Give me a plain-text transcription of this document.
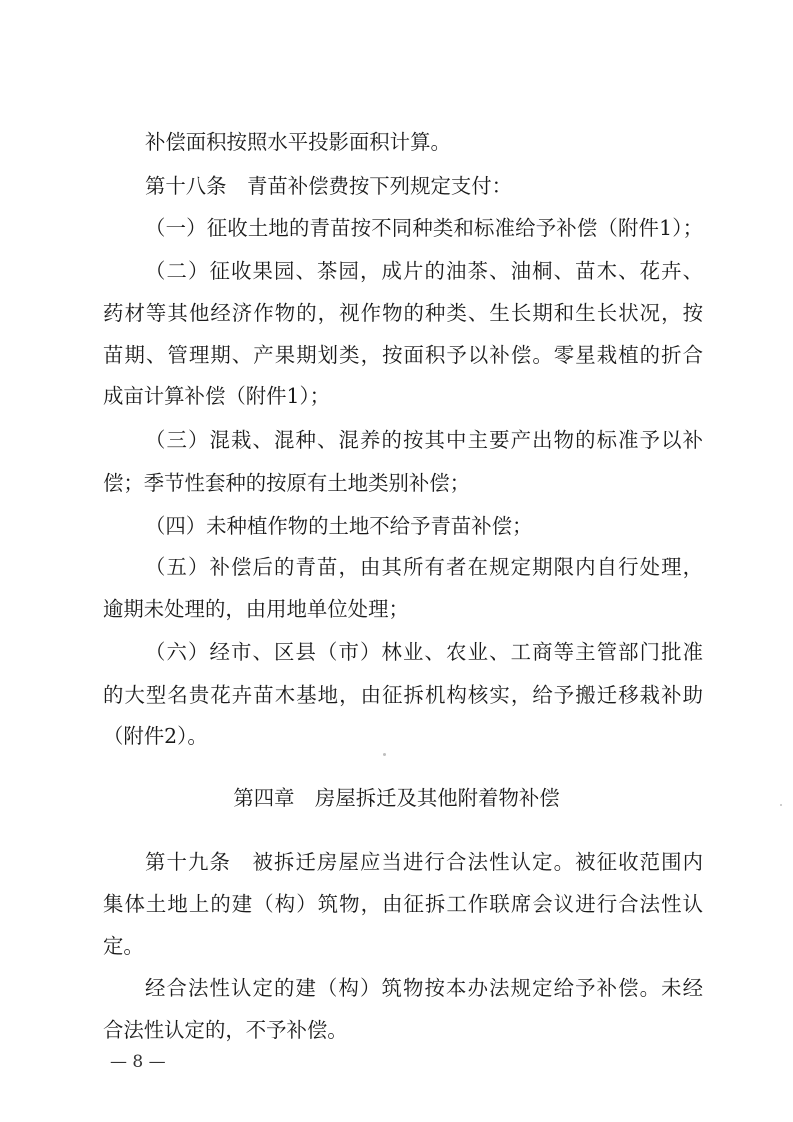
补偿面积按照水平投影面积计算。
第十八条　青苗补偿费按下列规定支付：
（一）征收土地的青苗按不同种类和标准给予补偿（附件1）；
（二）征收果园、茶园，成片的油茶、油桐、苗木、花卉、
药材等其他经济作物的，视作物的种类、生长期和生长状况，按
苗期、管理期、产果期划类，按面积予以补偿。零星栽植的折合
成亩计算补偿（附件1）；
（三）混栽、混种、混养的按其中主要产出物的标准予以补
偿；季节性套种的按原有土地类别补偿；
（四）未种植作物的土地不给予青苗补偿；
（五）补偿后的青苗，由其所有者在规定期限内自行处理，
逾期未处理的，由用地单位处理；
（六）经市、区县（市）林业、农业、工商等主管部门批准
的大型名贵花卉苗木基地，由征拆机构核实，给予搬迁移栽补助
（附件2）。
第四章　房屋拆迁及其他附着物补偿
第十九条　被拆迁房屋应当进行合法性认定。被征收范围内
集体土地上的建（构）筑物，由征拆工作联席会议进行合法性认
定。
经合法性认定的建（构）筑物按本办法规定给予补偿。未经
合法性认定的，不予补偿。
— 8 —
